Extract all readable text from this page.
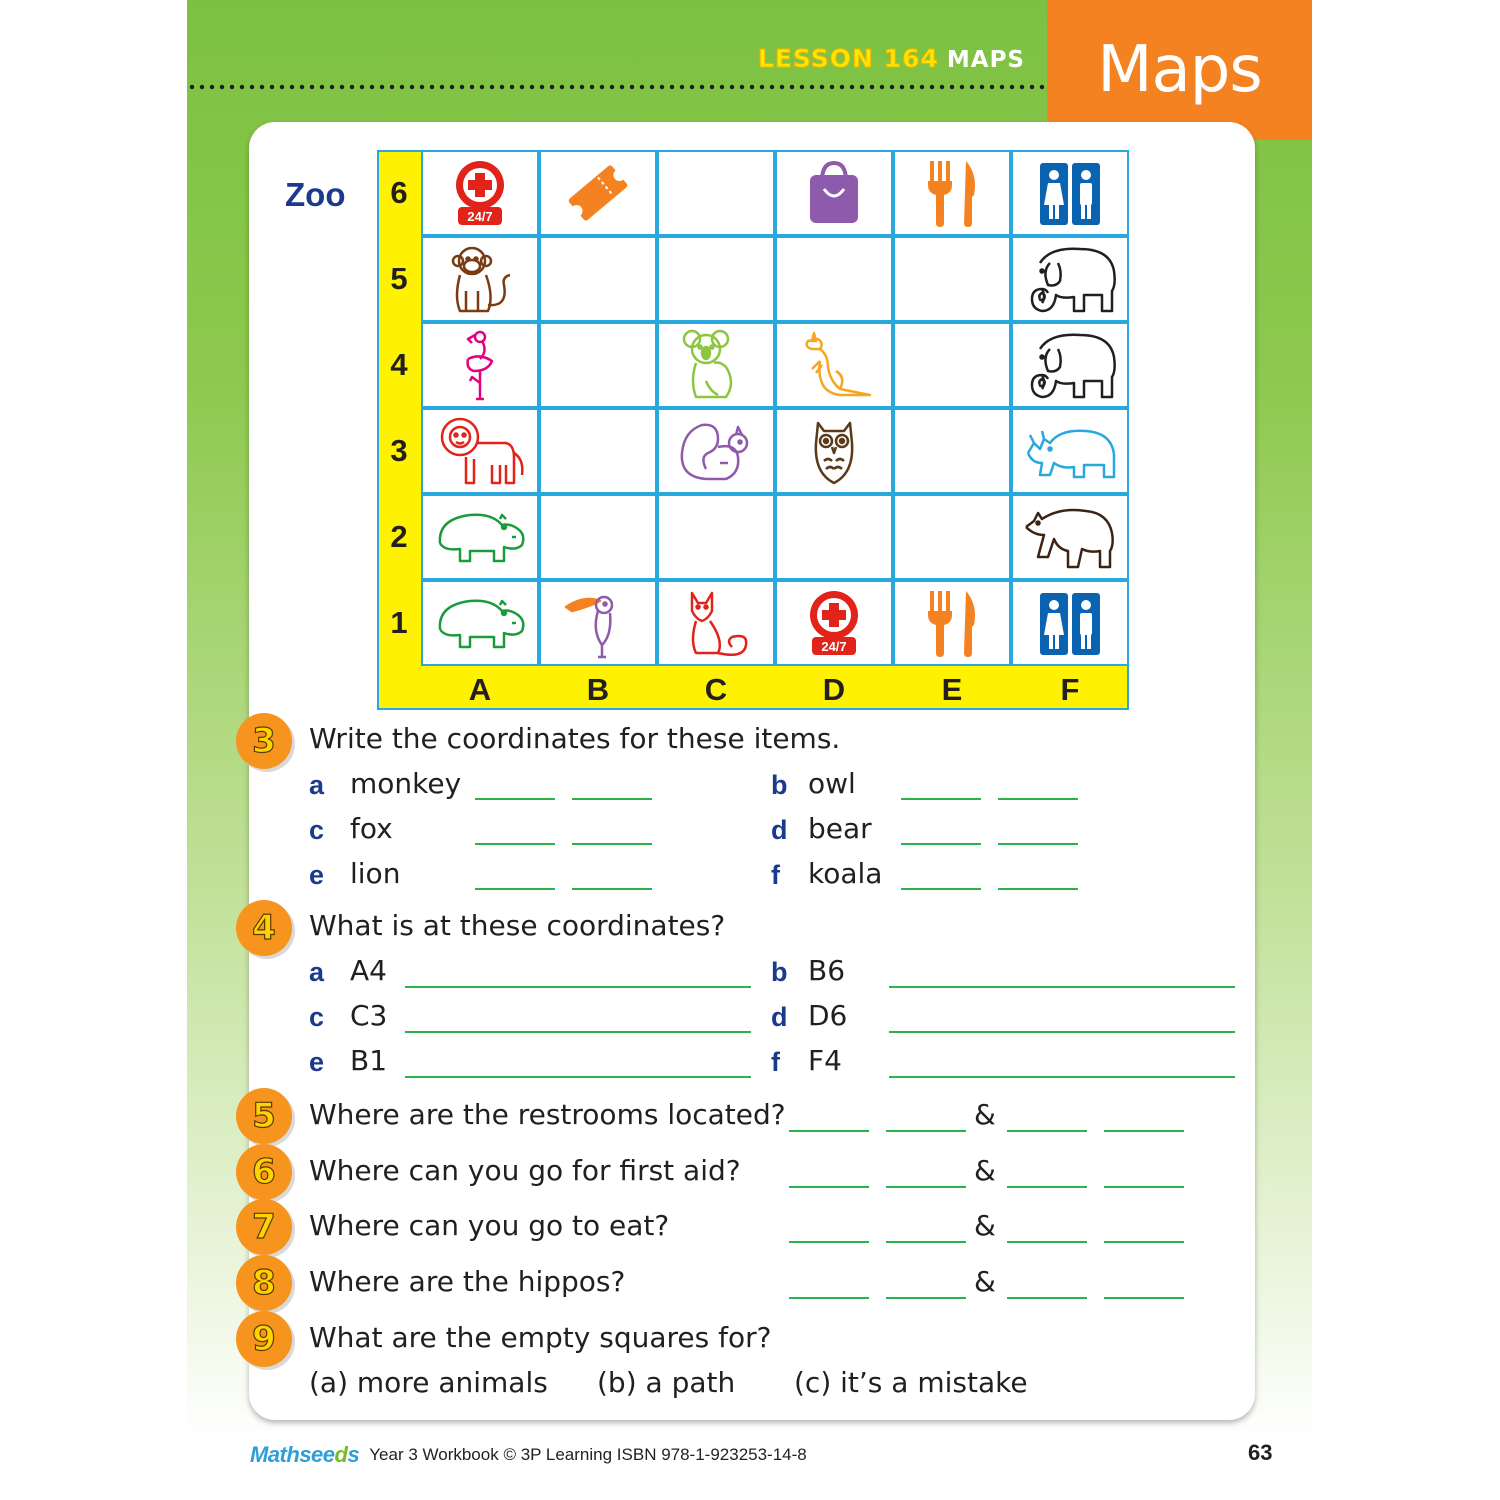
LESSON 164 MAPS Maps
Zoo	6
5
4
3
2
1
A	B	C	D	E	F
24/7
24/7
3 Write the coordinates for these items.
a monkey	b owl
c fox	d bear
e lion	f koala
4 What is at these coordinates?
a A4	b B6
c C3	d D6
e B1	f F4
5 Where are the restrooms located?	&
6 Where can you go for first aid?	&
7 Where can you go to eat?	&
8 Where are the hippos?	&
9 What are the empty squares for?
(a) more animals (b) a path (c) it’s a mistake
Mathseeds Year 3 Workbook © 3P Learning ISBN 978-1-923253-14-8	63
